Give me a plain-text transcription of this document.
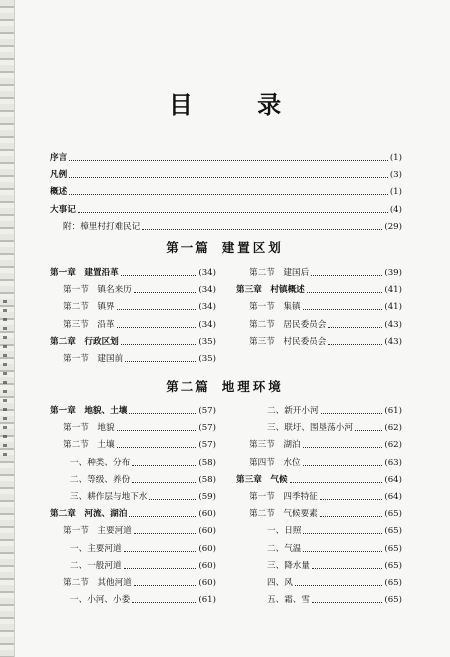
目 录
序言	(1)
凡例	(3)
概述	(1)
大事记	(4)
附：樟里村打难民记	(29)
第一篇 建置区划
第一章　建置沿革	(34)
第一节　镇名来历	(34)
第二节　镇界	(34)
第三节　沿革	(34)
第二章　行政区划	(35)
第一节　建国前	(35)
第二节　建国后	(39)
第三章　村镇概述	(41)
第一节　集镇	(41)
第二节　居民委员会	(43)
第三节　村民委员会	(43)
第二篇 地理环境
第一章　地貌、土壤	(57)
第一节　地貌	(57)
第二节　土壤	(57)
一、种类、分布	(58)
二、等级、养份	(58)
三、耕作层与地下水	(59)
第二章　河流、湖泊	(60)
第一节　主要河道	(60)
一、主要河道	(60)
二、一般河道	(60)
第二节　其他河道	(60)
一、小河、小娄	(61)
二、新开小河	(61)
三、联圩、围垦荡小河	(62)
第三节　湖泊	(62)
第四节　水位	(63)
第三章　气候	(64)
第一节　四季特征	(64)
第二节　气候要素	(65)
一、日照	(65)
二、气温	(65)
三、降水量	(65)
四、风	(65)
五、霜、雪	(65)
